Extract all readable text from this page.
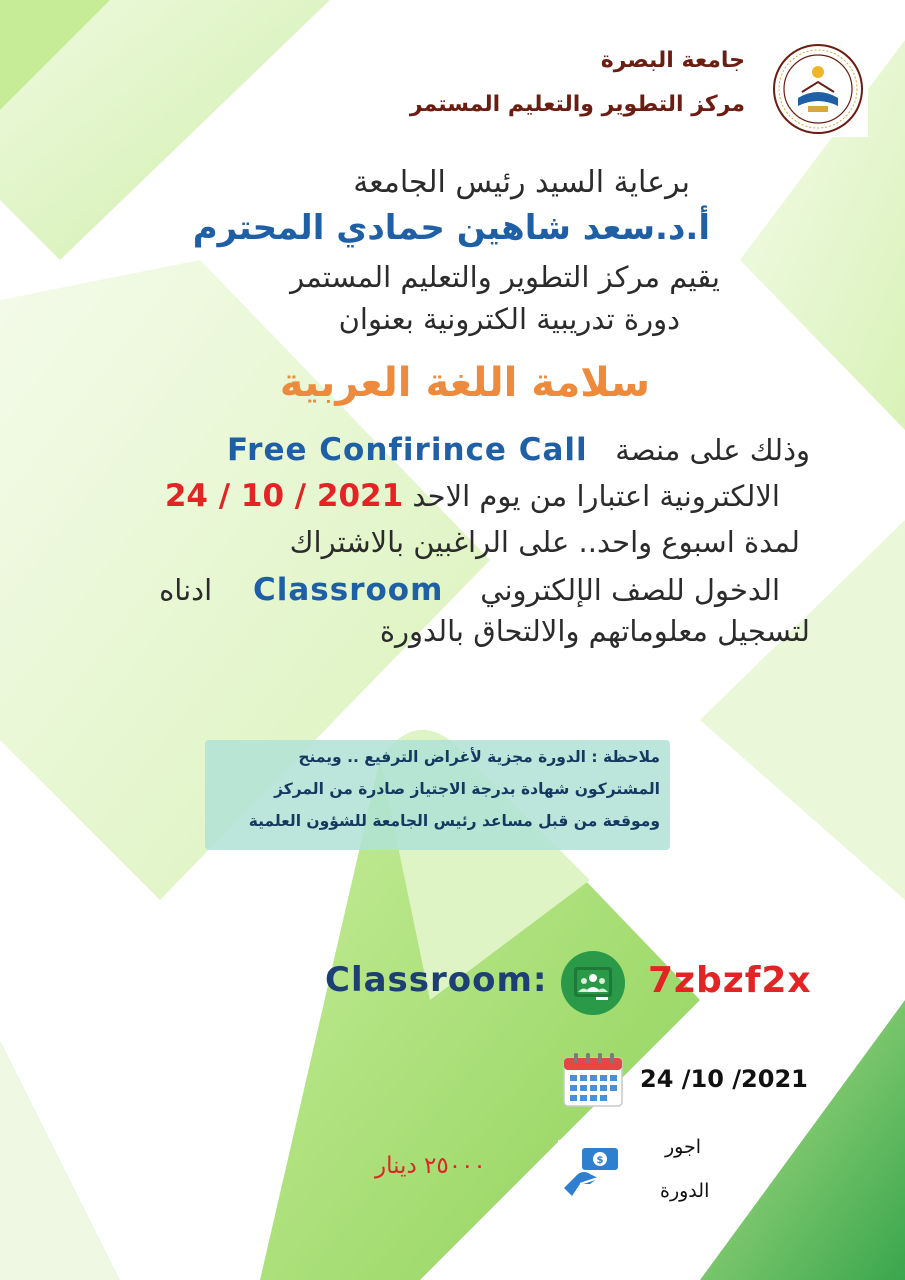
جامعة البصرة
مركز التطوير والتعليم المستمر
برعاية السيد رئيس الجامعة
أ.د.سعد شاهين حمادي المحترم
يقيم مركز التطوير والتعليم المستمر
دورة تدريبية الكترونية بعنوان
سلامة اللغة العربية
وذلك على منصة   Free Confirince Call
الالكترونية اعتبارا من يوم الاحد 24 / 10 / 2021
لمدة اسبوع واحد.. على الراغبين بالاشتراك
الدخول للصف الإلكتروني    Classroom    ادناه
لتسجيل معلوماتهم والالتحاق بالدورة
ملاحظة : الدورة مجزية لأغراض الترفيع .. ويمنح
المشتركون شهادة بدرجة الاجتياز صادرة من المركز
وموقعة من قبل مساعد رئيس الجامعة للشؤون العلمية
Classroom:	7zbzf2x
24 /10 /2021
٢٥٠٠٠ دينار	$
اجور
الدورة
